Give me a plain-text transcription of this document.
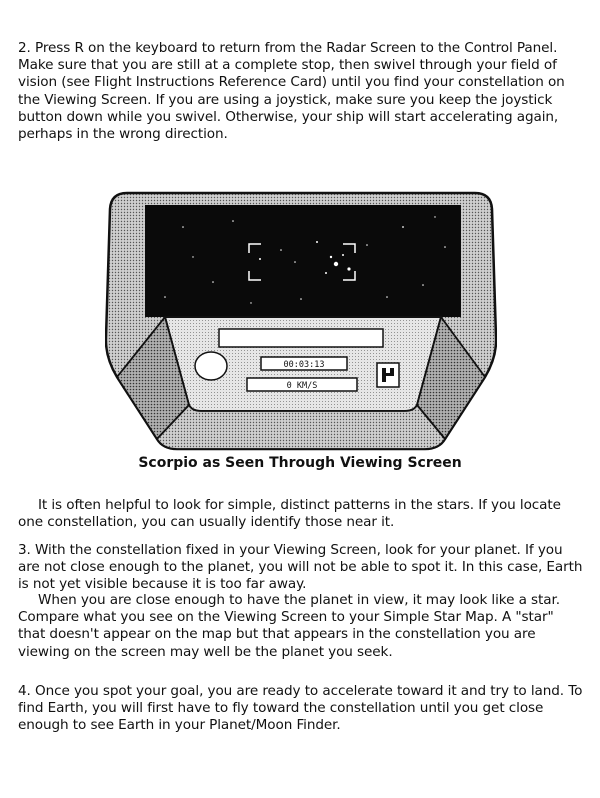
2. Press R on the keyboard to return from the Radar Screen to the Control Panel. Make sure that you are still at a complete stop, then swivel through your field of vision (see Flight Instructions Reference Card) until you find your constellation on the Viewing Screen. If you are using a joystick, make sure you keep the joystick button down while you swivel. Otherwise, your ship will start accelerating again, perhaps in the wrong direction.

00:03:13
0 KM/S
Scorpio as Seen Through Viewing Screen

It is often helpful to look for simple, distinct patterns in the stars. If you locate one constellation, you can usually identify those near it.

3. With the constellation fixed in your Viewing Screen, look for your planet. If you are not close enough to the planet, you will not be able to spot it. In this case, Earth is not yet visible because it is too far away.

When you are close enough to have the planet in view, it may look like a star. Compare what you see on the Viewing Screen to your Simple Star Map. A "star" that doesn't appear on the map but that appears in the constellation you are viewing on the screen may well be the planet you seek.

4. Once you spot your goal, you are ready to accelerate toward it and try to land. To find Earth, you will first have to fly toward the constellation until you get close enough to see Earth in your Planet/Moon Finder.
